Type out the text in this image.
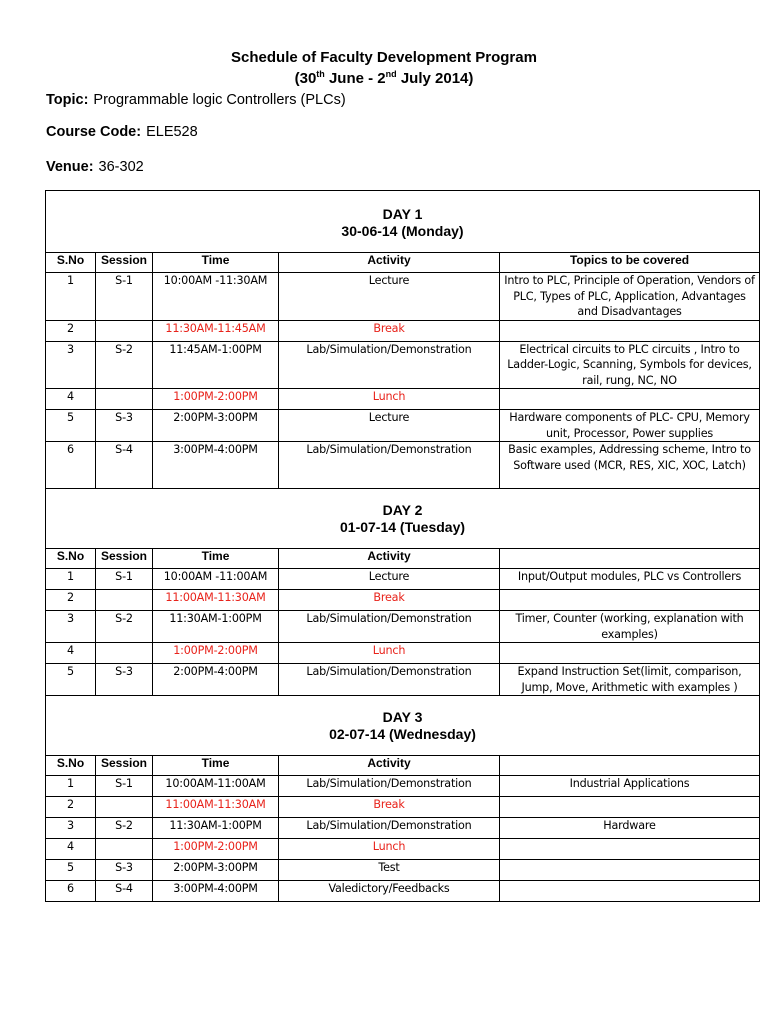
Schedule of Faculty Development Program
(30th June - 2nd July 2014)
Topic: Programmable logic Controllers (PLCs)
Course Code: ELE528
Venue: 36-302
DAY 1
30-06-14 (Monday)				

S.No	Session	Time	Activity	Topics to be covered
1	S-1	10:00AM -11:30AM	Lecture	Intro to PLC, Principle of Operation, Vendors of PLC, Types of PLC, Application, Advantages and Disadvantages
2		11:30AM-11:45AM	Break	
3	S-2	11:45AM-1:00PM	Lab/Simulation/Demonstration	Electrical circuits to PLC circuits , Intro to Ladder-Logic, Scanning, Symbols for devices, rail, rung, NC, NO
4		1:00PM-2:00PM	Lunch	
5	S-3	2:00PM-3:00PM	Lecture	Hardware components of PLC- CPU, Memory unit, Processor, Power supplies
6	S-4	3:00PM-4:00PM	Lab/Simulation/Demonstration	Basic examples, Addressing scheme, Intro to Software used (MCR, RES, XIC, XOC, Latch)

DAY 2
01-07-14 (Tuesday)				

S.No	Session	Time	Activity	
1	S-1	10:00AM -11:00AM	Lecture	Input/Output modules, PLC vs Controllers
2		11:00AM-11:30AM	Break	
3	S-2	11:30AM-1:00PM	Lab/Simulation/Demonstration	Timer, Counter (working, explanation with examples)
4		1:00PM-2:00PM	Lunch	
5	S-3	2:00PM-4:00PM	Lab/Simulation/Demonstration	Expand Instruction Set(limit, comparison, Jump, Move, Arithmetic with examples )

DAY 3
02-07-14 (Wednesday)				

S.No	Session	Time	Activity	
1	S-1	10:00AM-11:00AM	Lab/Simulation/Demonstration	Industrial Applications
2		11:00AM-11:30AM	Break	
3	S-2	11:30AM-1:00PM	Lab/Simulation/Demonstration	Hardware
4		1:00PM-2:00PM	Lunch	
5	S-3	2:00PM-3:00PM	Test	
6	S-4	3:00PM-4:00PM	Valedictory/Feedbacks	
